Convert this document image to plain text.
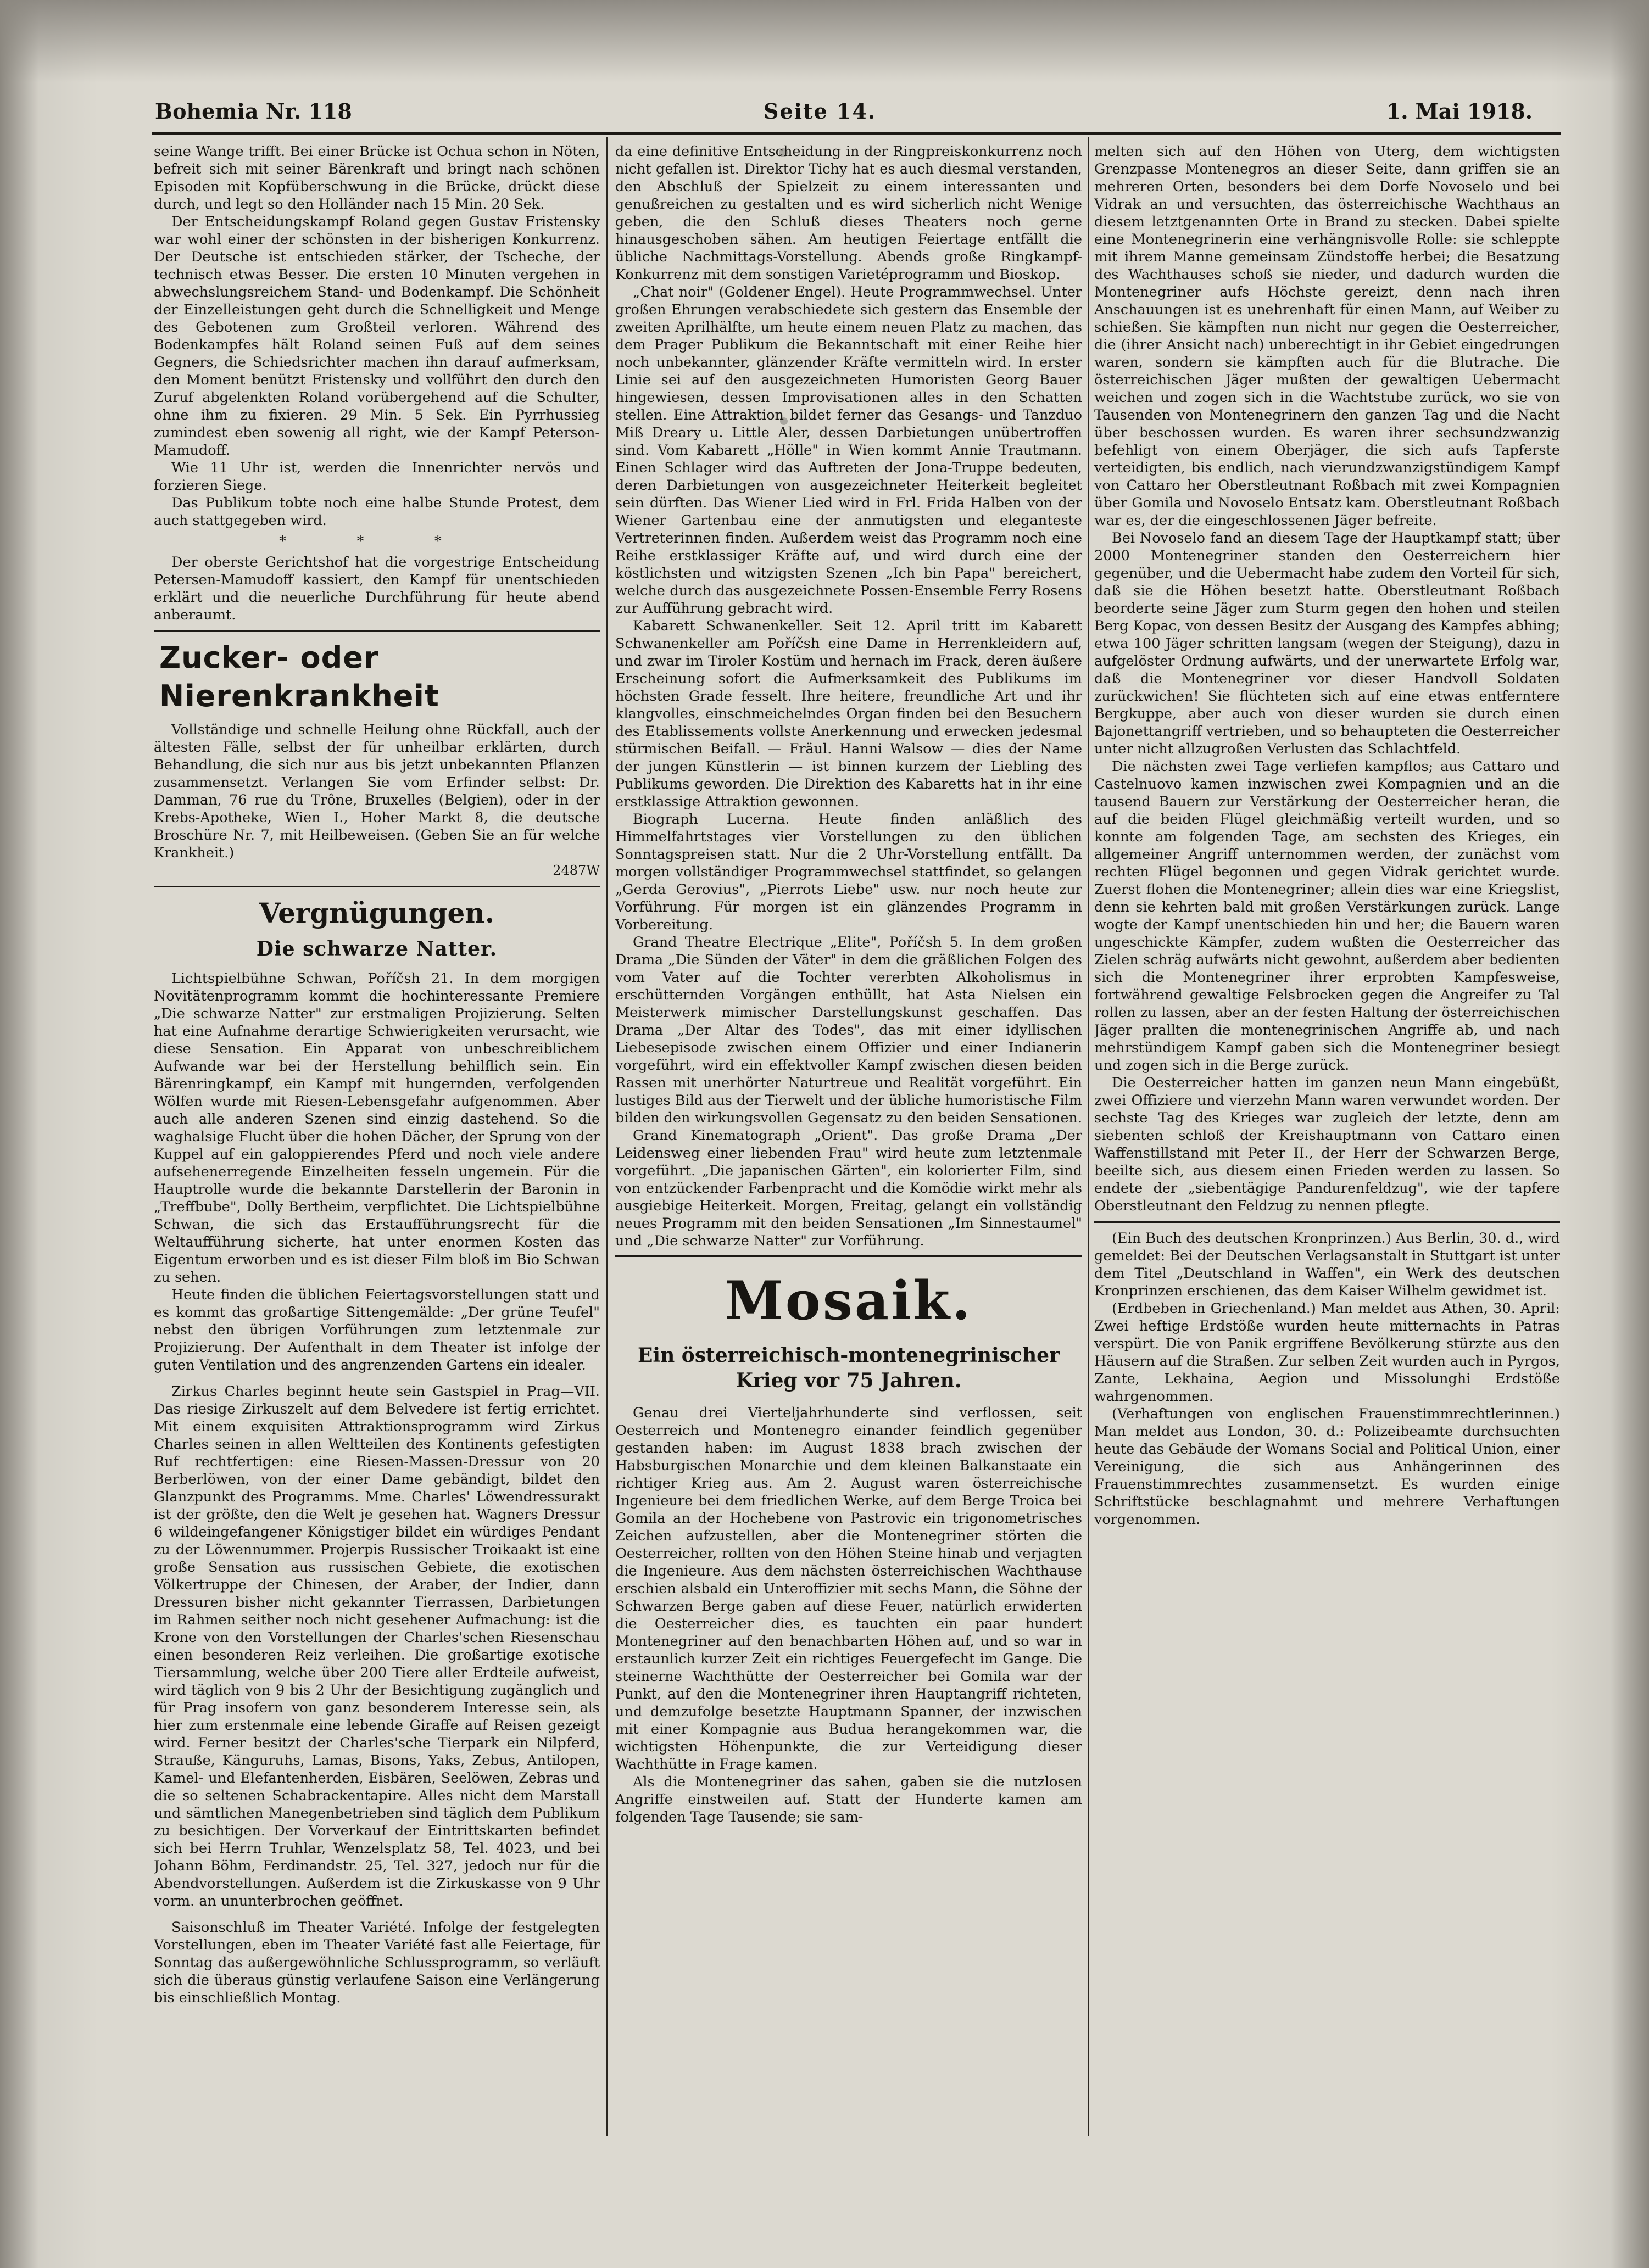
Bohemia Nr. 118	Seite 14.	1. Mai 1918.

seine Wange trifft. Bei einer Brücke ist Ochua schon in Nöten, befreit sich mit seiner Bärenkraft und bringt nach schönen Episoden mit Kopfüberschwung in die Brücke, drückt diese durch, und legt so den Holländer nach 15 Min. 20 Sek.

Der Entscheidungskampf Roland gegen Gustav Fristensky war wohl einer der schönsten in der bisherigen Konkurrenz. Der Deutsche ist entschieden stärker, der Tscheche, der technisch etwas Besser. Die ersten 10 Minuten vergehen in abwechslungsreichem Stand- und Bodenkampf. Die Schönheit der Einzelleistungen geht durch die Schnelligkeit und Menge des Gebotenen zum Großteil verloren. Während des Bodenkampfes hält Roland seinen Fuß auf dem seines Gegners, die Schiedsrichter machen ihn darauf aufmerksam, den Moment benützt Fristensky und vollführt den durch den Zuruf abgelenkten Roland vorübergehend auf die Schulter, ohne ihm zu fixieren. 29 Min. 5 Sek. Ein Pyrrhussieg zumindest eben sowenig all right, wie der Kampf Peterson-Mamudoff.

Wie 11 Uhr ist, werden die Innenrichter nervös und forzieren Siege.

Das Publikum tobte noch eine halbe Stunde Protest, dem auch stattgegeben wird.

* * *

Der oberste Gerichtshof hat die vorgestrige Entscheidung Petersen-Mamudoff kassiert, den Kampf für unentschieden erklärt und die neuerliche Durchführung für heute abend anberaumt.

Zucker- oder Nierenkrankheit

Vollständige und schnelle Heilung ohne Rückfall, auch der ältesten Fälle, selbst der für unheilbar erklärten, durch Behandlung, die sich nur aus bis jetzt unbekannten Pflanzen zusammensetzt. Verlangen Sie vom Erfinder selbst: Dr. Damman, 76 rue du Trône, Bruxelles (Belgien), oder in der Krebs-Apotheke, Wien I., Hoher Markt 8, die deutsche Broschüre Nr. 7, mit Heilbeweisen. (Geben Sie an für welche Krankheit.)

2487W
Vergnügungen.
Die schwarze Natter.

Lichtspielbühne Schwan, Poříčsh 21. In dem morgigen Novitätenprogramm kommt die hochinteressante Premiere „Die schwarze Natter" zur erstmaligen Projizierung. Selten hat eine Aufnahme derartige Schwierigkeiten verursacht, wie diese Sensation. Ein Apparat von unbeschreiblichem Aufwande war bei der Herstellung behilflich sein. Ein Bärenringkampf, ein Kampf mit hungernden, verfolgenden Wölfen wurde mit Riesen-Lebensgefahr aufgenommen. Aber auch alle anderen Szenen sind einzig dastehend. So die waghalsige Flucht über die hohen Dächer, der Sprung von der Kuppel auf ein galoppierendes Pferd und noch viele andere aufsehenerregende Einzelheiten fesseln ungemein. Für die Hauptrolle wurde die bekannte Darstellerin der Baronin in „Treffbube", Dolly Bertheim, verpflichtet. Die Lichtspielbühne Schwan, die sich das Erstaufführungsrecht für die Weltaufführung sicherte, hat unter enormen Kosten das Eigentum erworben und es ist dieser Film bloß im Bio Schwan zu sehen.

Heute finden die üblichen Feiertagsvorstellungen statt und es kommt das großartige Sittengemälde: „Der grüne Teufel" nebst den übrigen Vorführungen zum letztenmale zur Projizierung. Der Aufenthalt in dem Theater ist infolge der guten Ventilation und des angrenzenden Gartens ein idealer.

Zirkus Charles beginnt heute sein Gastspiel in Prag—VII. Das riesige Zirkuszelt auf dem Belvedere ist fertig errichtet. Mit einem exquisiten Attraktionsprogramm wird Zirkus Charles seinen in allen Weltteilen des Kontinents gefestigten Ruf rechtfertigen: eine Riesen-Massen-Dressur von 20 Berberlöwen, von der einer Dame gebändigt, bildet den Glanzpunkt des Programms. Mme. Charles' Löwendressurakt ist der größte, den die Welt je gesehen hat. Wagners Dressur 6 wildeingefangener Königstiger bildet ein würdiges Pendant zu der Löwennummer. Projerpis Russischer Troikaakt ist eine große Sensation aus russischen Gebiete, die exotischen Völkertruppe der Chinesen, der Araber, der Indier, dann Dressuren bisher nicht gekannter Tierrassen, Darbietungen im Rahmen seither noch nicht gesehener Aufmachung: ist die Krone von den Vorstellungen der Charles'schen Riesenschau einen besonderen Reiz verleihen. Die großartige exotische Tiersammlung, welche über 200 Tiere aller Erdteile aufweist, wird täglich von 9 bis 2 Uhr der Besichtigung zugänglich und für Prag insofern von ganz besonderem Interesse sein, als hier zum erstenmale eine lebende Giraffe auf Reisen gezeigt wird. Ferner besitzt der Charles'sche Tierpark ein Nilpferd, Strauße, Känguruhs, Lamas, Bisons, Yaks, Zebus, Antilopen, Kamel- und Elefantenherden, Eisbären, Seelöwen, Zebras und die so seltenen Schabrackentapire. Alles nicht dem Marstall und sämtlichen Manegenbetrieben sind täglich dem Publikum zu besichtigen. Der Vorverkauf der Eintrittskarten befindet sich bei Herrn Truhlar, Wenzelsplatz 58, Tel. 4023, und bei Johann Böhm, Ferdinandstr. 25, Tel. 327, jedoch nur für die Abendvorstellungen. Außerdem ist die Zirkuskasse von 9 Uhr vorm. an ununterbrochen geöffnet.

Saisonschluß im Theater Variété. Infolge der festgelegten Vorstellungen, eben im Theater Variété fast alle Feiertage, für Sonntag das außergewöhnliche Schlussprogramm, so verläuft sich die überaus günstig verlaufene Saison eine Verlängerung bis einschließlich Montag.

da eine definitive Entscheidung in der Ringpreiskonkurrenz noch nicht gefallen ist. Direktor Tichy hat es auch diesmal verstanden, den Abschluß der Spielzeit zu einem interessanten und genußreichen zu gestalten und es wird sicherlich nicht Wenige geben, die den Schluß dieses Theaters noch gerne hinausgeschoben sähen. Am heutigen Feiertage entfällt die übliche Nachmittags-Vorstellung. Abends große Ringkampf-Konkurrenz mit dem sonstigen Varietéprogramm und Bioskop.

„Chat noir" (Goldener Engel). Heute Programmwechsel. Unter großen Ehrungen verabschiedete sich gestern das Ensemble der zweiten Aprilhälfte, um heute einem neuen Platz zu machen, das dem Prager Publikum die Bekanntschaft mit einer Reihe hier noch unbekannter, glänzender Kräfte vermitteln wird. In erster Linie sei auf den ausgezeichneten Humoristen Georg Bauer hingewiesen, dessen Improvisationen alles in den Schatten stellen. Eine Attraktion bildet ferner das Gesangs- und Tanzduo Miß Dreary u. Little Aler, dessen Darbietungen unübertroffen sind. Vom Kabarett „Hölle" in Wien kommt Annie Trautmann. Einen Schlager wird das Auftreten der Jona-Truppe bedeuten, deren Darbietungen von ausgezeichneter Heiterkeit begleitet sein dürften. Das Wiener Lied wird in Frl. Frida Halben von der Wiener Gartenbau eine der anmutigsten und eleganteste Vertreterinnen finden. Außerdem weist das Programm noch eine Reihe erstklassiger Kräfte auf, und wird durch eine der köstlichsten und witzigsten Szenen „Ich bin Papa" bereichert, welche durch das ausgezeichnete Possen-Ensemble Ferry Rosens zur Aufführung gebracht wird.

Kabarett Schwanenkeller. Seit 12. April tritt im Kabarett Schwanenkeller am Poříčsh eine Dame in Herrenkleidern auf, und zwar im Tiroler Kostüm und hernach im Frack, deren äußere Erscheinung sofort die Aufmerksamkeit des Publikums im höchsten Grade fesselt. Ihre heitere, freundliche Art und ihr klangvolles, einschmeichelndes Organ finden bei den Besuchern des Etablissements vollste Anerkennung und erwecken jedesmal stürmischen Beifall. — Fräul. Hanni Walsow — dies der Name der jungen Künstlerin — ist binnen kurzem der Liebling des Publikums geworden. Die Direktion des Kabaretts hat in ihr eine erstklassige Attraktion gewonnen.

Biograph Lucerna. Heute finden anläßlich des Himmelfahrtstages vier Vorstellungen zu den üblichen Sonntagspreisen statt. Nur die 2 Uhr-Vorstellung entfällt. Da morgen vollständiger Programmwechsel stattfindet, so gelangen „Gerda Gerovius", „Pierrots Liebe" usw. nur noch heute zur Vorführung. Für morgen ist ein glänzendes Programm in Vorbereitung.

Grand Theatre Electrique „Elite", Poříčsh 5. In dem großen Drama „Die Sünden der Väter" in dem die gräßlichen Folgen des vom Vater auf die Tochter vererbten Alkoholismus in erschütternden Vorgängen enthüllt, hat Asta Nielsen ein Meisterwerk mimischer Darstellungskunst geschaffen. Das Drama „Der Altar des Todes", das mit einer idyllischen Liebesepisode zwischen einem Offizier und einer Indianerin vorgeführt, wird ein effektvoller Kampf zwischen diesen beiden Rassen mit unerhörter Naturtreue und Realität vorgeführt. Ein lustiges Bild aus der Tierwelt und der übliche humoristische Film bilden den wirkungsvollen Gegensatz zu den beiden Sensationen.

Grand Kinematograph „Orient". Das große Drama „Der Leidensweg einer liebenden Frau" wird heute zum letztenmale vorgeführt. „Die japanischen Gärten", ein kolorierter Film, sind von entzückender Farbenpracht und die Komödie wirkt mehr als ausgiebige Heiterkeit. Morgen, Freitag, gelangt ein vollständig neues Programm mit den beiden Sensationen „Im Sinnestaumel" und „Die schwarze Natter" zur Vorführung.

Mosaik.
Ein österreichisch-montenegrinischer Krieg vor 75 Jahren.

Genau drei Vierteljahrhunderte sind verflossen, seit Oesterreich und Montenegro einander feindlich gegenüber gestanden haben: im August 1838 brach zwischen der Habsburgischen Monarchie und dem kleinen Balkanstaate ein richtiger Krieg aus. Am 2. August waren österreichische Ingenieure bei dem friedlichen Werke, auf dem Berge Troica bei Gomila an der Hochebene von Pastrovic ein trigonometrisches Zeichen aufzustellen, aber die Montenegriner störten die Oesterreicher, rollten von den Höhen Steine hinab und verjagten die Ingenieure. Aus dem nächsten österreichischen Wachthause erschien alsbald ein Unteroffizier mit sechs Mann, die Söhne der Schwarzen Berge gaben auf diese Feuer, natürlich erwiderten die Oesterreicher dies, es tauchten ein paar hundert Montenegriner auf den benachbarten Höhen auf, und so war in erstaunlich kurzer Zeit ein richtiges Feuergefecht im Gange. Die steinerne Wachthütte der Oesterreicher bei Gomila war der Punkt, auf den die Montenegriner ihren Hauptangriff richteten, und demzufolge besetzte Hauptmann Spanner, der inzwischen mit einer Kompagnie aus Budua herangekommen war, die wichtigsten Höhenpunkte, die zur Verteidigung dieser Wachthütte in Frage kamen.

Als die Montenegriner das sahen, gaben sie die nutzlosen Angriffe einstweilen auf. Statt der Hunderte kamen am folgenden Tage Tausende; sie sam-

melten sich auf den Höhen von Uterg, dem wichtigsten Grenzpasse Montenegros an dieser Seite, dann griffen sie an mehreren Orten, besonders bei dem Dorfe Novoselo und bei Vidrak an und versuchten, das österreichische Wachthaus an diesem letztgenannten Orte in Brand zu stecken. Dabei spielte eine Montenegrinerin eine verhängnisvolle Rolle: sie schleppte mit ihrem Manne gemeinsam Zündstoffe herbei; die Besatzung des Wachthauses schoß sie nieder, und dadurch wurden die Montenegriner aufs Höchste gereizt, denn nach ihren Anschauungen ist es unehrenhaft für einen Mann, auf Weiber zu schießen. Sie kämpften nun nicht nur gegen die Oesterreicher, die (ihrer Ansicht nach) unberechtigt in ihr Gebiet eingedrungen waren, sondern sie kämpften auch für die Blutrache. Die österreichischen Jäger mußten der gewaltigen Uebermacht weichen und zogen sich in die Wachtstube zurück, wo sie von Tausenden von Montenegrinern den ganzen Tag und die Nacht über beschossen wurden. Es waren ihrer sechsundzwanzig befehligt von einem Oberjäger, die sich aufs Tapferste verteidigten, bis endlich, nach vierundzwanzigstündigem Kampf von Cattaro her Oberstleutnant Roßbach mit zwei Kompagnien über Gomila und Novoselo Entsatz kam. Oberstleutnant Roßbach war es, der die eingeschlossenen Jäger befreite.

Bei Novoselo fand an diesem Tage der Hauptkampf statt; über 2000 Montenegriner standen den Oesterreichern hier gegenüber, und die Uebermacht habe zudem den Vorteil für sich, daß sie die Höhen besetzt hatte. Oberstleutnant Roßbach beorderte seine Jäger zum Sturm gegen den hohen und steilen Berg Kopac, von dessen Besitz der Ausgang des Kampfes abhing; etwa 100 Jäger schritten langsam (wegen der Steigung), dazu in aufgelöster Ordnung aufwärts, und der unerwartete Erfolg war, daß die Montenegriner vor dieser Handvoll Soldaten zurückwichen! Sie flüchteten sich auf eine etwas entferntere Bergkuppe, aber auch von dieser wurden sie durch einen Bajonettangriff vertrieben, und so behaupteten die Oesterreicher unter nicht allzugroßen Verlusten das Schlachtfeld.

Die nächsten zwei Tage verliefen kampflos; aus Cattaro und Castelnuovo kamen inzwischen zwei Kompagnien und an die tausend Bauern zur Verstärkung der Oesterreicher heran, die auf die beiden Flügel gleichmäßig verteilt wurden, und so konnte am folgenden Tage, am sechsten des Krieges, ein allgemeiner Angriff unternommen werden, der zunächst vom rechten Flügel begonnen und gegen Vidrak gerichtet wurde. Zuerst flohen die Montenegriner; allein dies war eine Kriegslist, denn sie kehrten bald mit großen Verstärkungen zurück. Lange wogte der Kampf unentschieden hin und her; die Bauern waren ungeschickte Kämpfer, zudem wußten die Oesterreicher das Zielen schräg aufwärts nicht gewohnt, außerdem aber bedienten sich die Montenegriner ihrer erprobten Kampfesweise, fortwährend gewaltige Felsbrocken gegen die Angreifer zu Tal rollen zu lassen, aber an der festen Haltung der österreichischen Jäger prallten die montenegrinischen Angriffe ab, und nach mehrstündigem Kampf gaben sich die Montenegriner besiegt und zogen sich in die Berge zurück.

Die Oesterreicher hatten im ganzen neun Mann eingebüßt, zwei Offiziere und vierzehn Mann waren verwundet worden. Der sechste Tag des Krieges war zugleich der letzte, denn am siebenten schloß der Kreishauptmann von Cattaro einen Waffenstillstand mit Peter II., der Herr der Schwarzen Berge, beeilte sich, aus diesem einen Frieden werden zu lassen. So endete der „siebentägige Pandurenfeldzug", wie der tapfere Oberstleutnant den Feldzug zu nennen pflegte.

(Ein Buch des deutschen Kronprinzen.) Aus Berlin, 30. d., wird gemeldet: Bei der Deutschen Verlagsanstalt in Stuttgart ist unter dem Titel „Deutschland in Waffen", ein Werk des deutschen Kronprinzen erschienen, das dem Kaiser Wilhelm gewidmet ist.

(Erdbeben in Griechenland.) Man meldet aus Athen, 30. April: Zwei heftige Erdstöße wurden heute mitternachts in Patras verspürt. Die von Panik ergriffene Bevölkerung stürzte aus den Häusern auf die Straßen. Zur selben Zeit wurden auch in Pyrgos, Zante, Lekhaina, Aegion und Missolunghi Erdstöße wahrgenommen.

(Verhaftungen von englischen Frauenstimmrechtlerinnen.) Man meldet aus London, 30. d.: Polizeibeamte durchsuchten heute das Gebäude der Womans Social and Political Union, einer Vereinigung, die sich aus Anhängerinnen des Frauenstimmrechtes zusammensetzt. Es wurden einige Schriftstücke beschlagnahmt und mehrere Verhaftungen vorgenommen.
